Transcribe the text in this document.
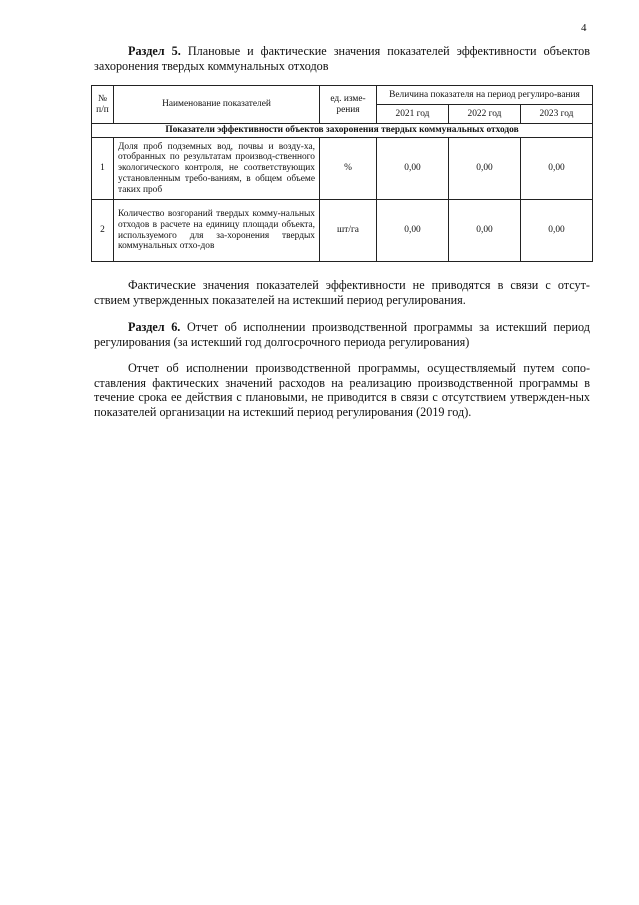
4
Раздел 5. Плановые и фактические значения показателей эффективности объектов захоронения твердых коммунальных отходов
№ п/п	Наименование показателей	ед. изме-рения	Величина показателя на период регулиро-вания		
			2021 год	2022 год	2023 год
Показатели эффективности объектов захоронения твердых коммунальных отходов					
1	Доля проб подземных вод, почвы и возду-ха, отобранных по результатам производ-ственного экологического контроля, не соответствующих установленным требо-ваниям, в общем объеме таких проб	%	0,00	0,00	0,00
2	Количество возгораний твердых комму-нальных отходов в расчете на единицу площади объекта, используемого для за-хоронения твердых коммунальных отхо-дов	шт/га	0,00	0,00	0,00
Фактические значения показателей эффективности не приводятся в связи с отсут-ствием утвержденных показателей на истекший период регулирования.
Раздел 6. Отчет об исполнении производственной программы за истекший период регулирования (за истекший год долгосрочного периода регулирования)
Отчет об исполнении производственной программы, осуществляемый путем сопо-ставления фактических значений расходов на реализацию производственной программы в течение срока ее действия с плановыми, не приводится в связи с отсутствием утвержден-ных показателей организации на истекший период регулирования (2019 год).
